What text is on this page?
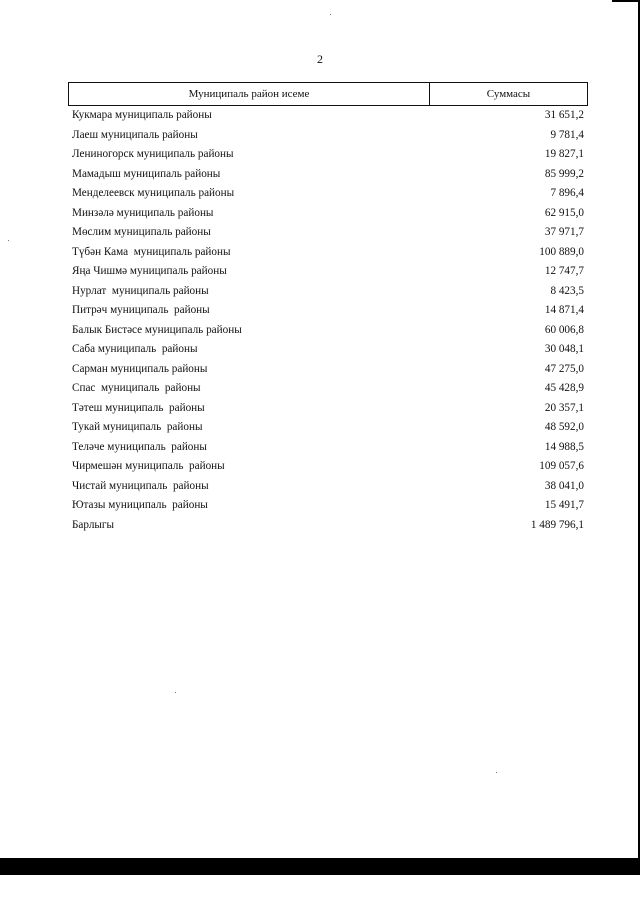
2
Муниципаль район исеме	Суммасы
Кукмара муниципаль районы	31 651,2
Лаеш муниципаль районы	9 781,4
Лениногорск муниципаль районы	19 827,1
Мамадыш муниципаль районы	85 999,2
Менделеевск муниципаль районы	7 896,4
Минзәлә муниципаль районы	62 915,0
Мөслим муниципаль районы	37 971,7
Түбән Кама  муниципаль районы	100 889,0
Яңа Чишмә муниципаль районы	12 747,7
Нурлат  муниципаль районы	8 423,5
Питрәч муниципаль  районы	14 871,4
Балык Бистәсе муниципаль районы	60 006,8
Саба муниципаль  районы	30 048,1
Сарман муниципаль районы	47 275,0
Спас  муниципаль  районы	45 428,9
Тәтеш муниципаль  районы	20 357,1
Тукай муниципаль  районы	48 592,0
Теләче муниципаль  районы	14 988,5
Чирмешән муниципаль  районы	109 057,6
Чистай муниципаль  районы	38 041,0
Ютазы муниципаль  районы	15 491,7
Барлыгы	1 489 796,1
